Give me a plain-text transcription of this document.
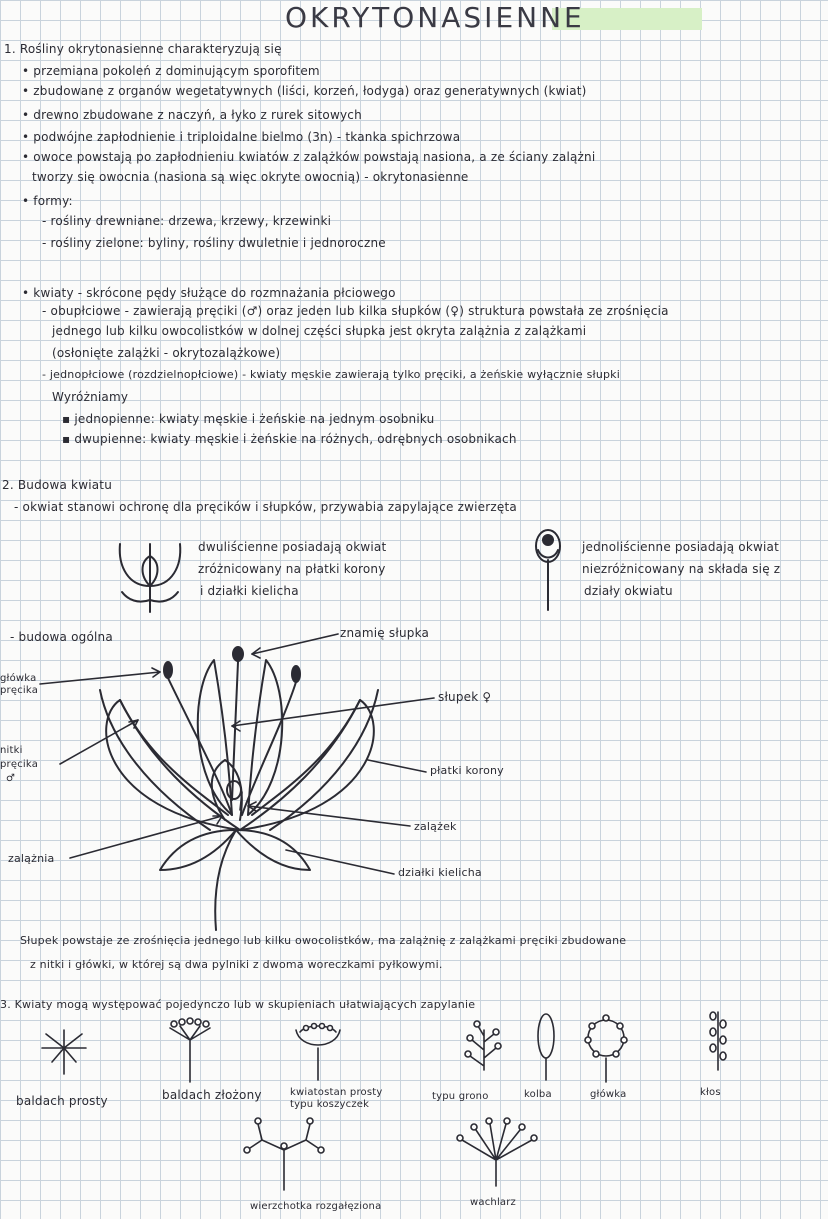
OKRYTONASIENNE
1. Rośliny okrytonasienne charakteryzują się
• przemiana pokoleń z dominującym sporofitem
• zbudowane z organów wegetatywnych (liści, korzeń, łodyga) oraz generatywnych (kwiat)
• drewno zbudowane z naczyń, a łyko z rurek sitowych
• podwójne zapłodnienie i triploidalne bielmo (3n) - tkanka spichrzowa
• owoce powstają po zapłodnieniu kwiatów z zalążków powstają nasiona, a ze ściany zalążni
tworzy się owocnia (nasiona są więc okryte owocnią) - okrytonasienne
• formy:
- rośliny drewniane: drzewa, krzewy, krzewinki
- rośliny zielone: byliny, rośliny dwuletnie i jednoroczne
• kwiaty - skrócone pędy służące do rozmnażania płciowego
- obupłciowe - zawierają pręciki (♂) oraz jeden lub kilka słupków (♀) struktura powstała ze zrośnięcia
jednego lub kilku owocolistków w dolnej części słupka jest okryta zalążnia z zalążkami
(osłonięte zalążki - okrytozalążkowe)
- jednopłciowe (rozdzielnopłciowe) - kwiaty męskie zawierają tylko pręciki, a żeńskie wyłącznie słupki
Wyróżniamy
▪ jednopienne: kwiaty męskie i żeńskie na jednym osobniku
▪ dwupienne: kwiaty męskie i żeńskie na różnych, odrębnych osobnikach
2. Budowa kwiatu
- okwiat stanowi ochronę dla pręcików i słupków, przywabia zapylające zwierzęta
dwuliścienne posiadają okwiat
zróżnicowany na płatki korony
i działki kielicha
jednoliścienne posiadają okwiat
niezróżnicowany na składa się z
działy okwiatu
- budowa ogólna	znamię słupka
główka
pręcika	słupek ♀
nitki
pręcika
♂
płatki korony
zalążek
zalążnia
działki kielicha
Słupek powstaje ze zrośnięcia jednego lub kilku owocolistków, ma zalążnię z zalążkami pręciki zbudowane
z nitki i główki, w której są dwa pylniki z dwoma woreczkami pyłkowymi.
3. Kwiaty mogą występować pojedynczo lub w skupieniach ułatwiających zapylanie
baldach prosty	baldach złożony	kwiatostan prosty
typu koszyczek
typu grono	kolba	główka	kłos
wierzchotka rozgałęziona	wachlarz
